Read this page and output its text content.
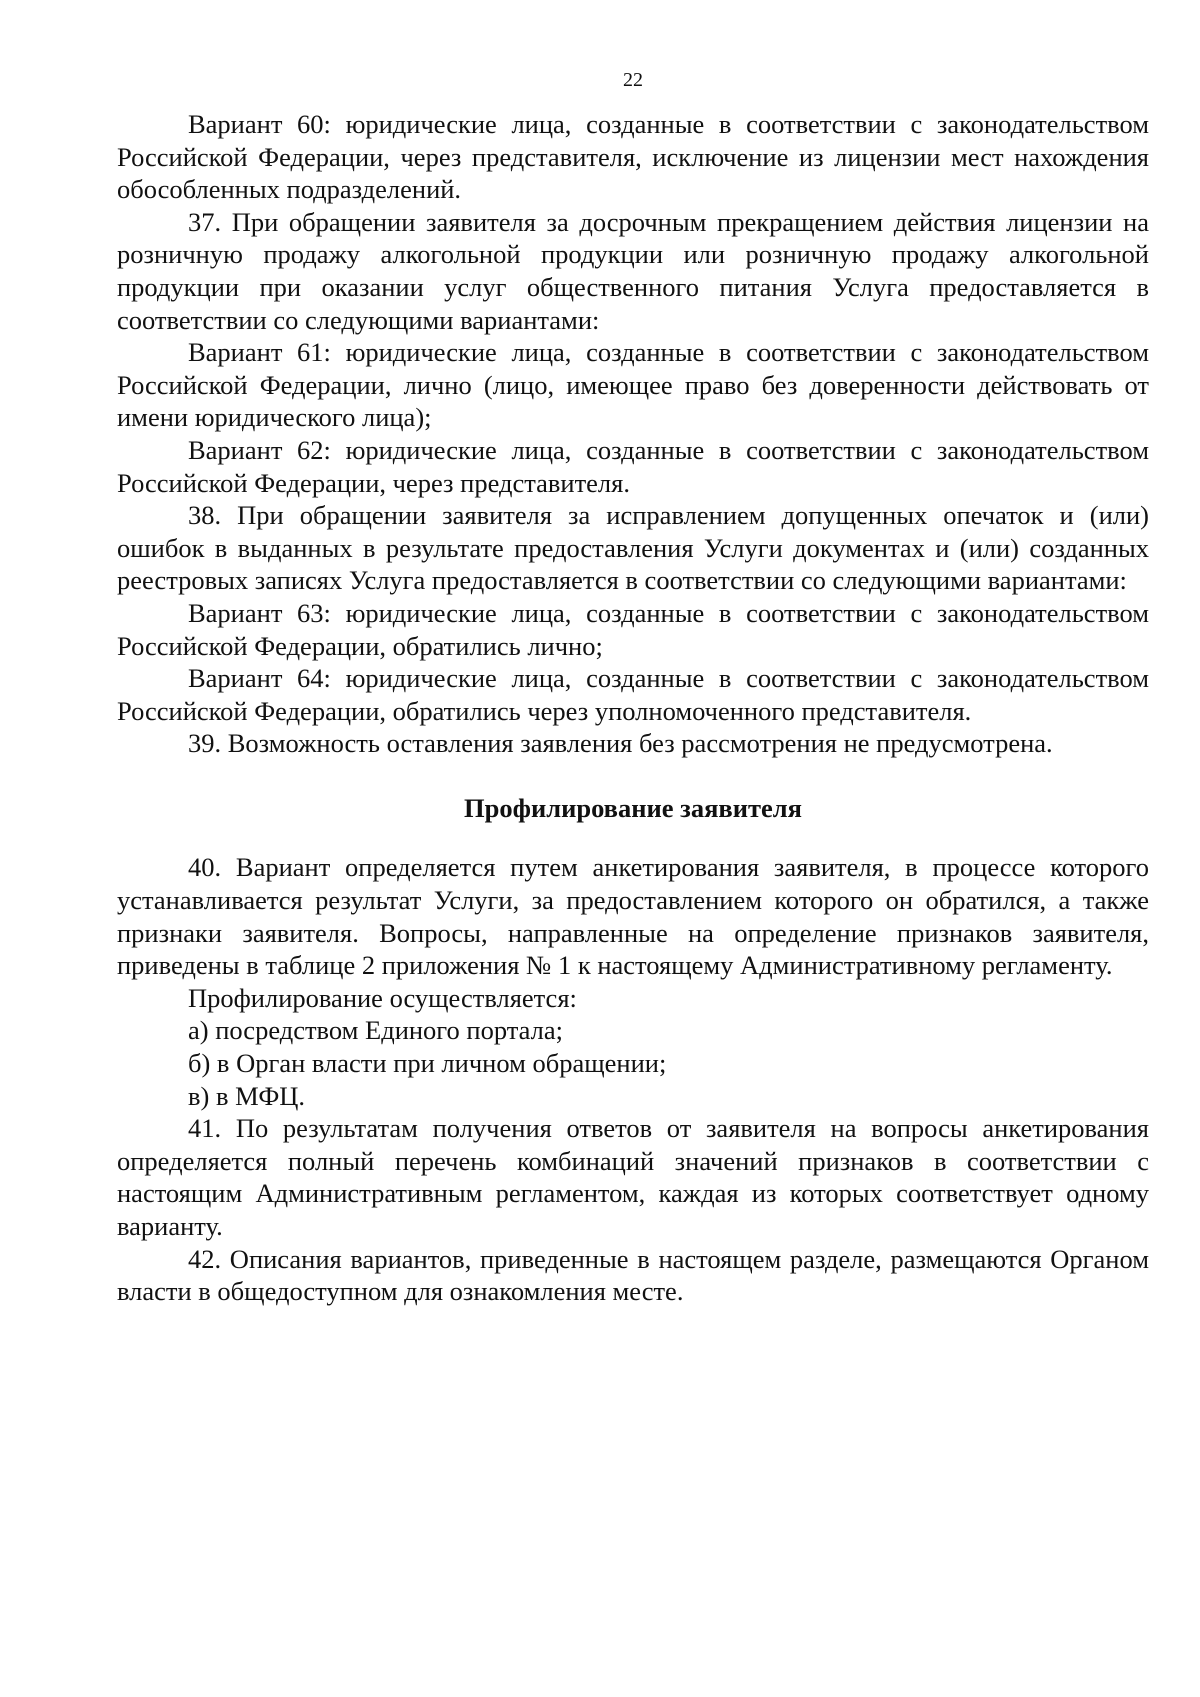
22

Вариант 60: юридические лица, созданные в соответствии с законодательством Российской Федерации, через представителя, исключение из лицензии мест нахождения обособленных подразделений.

37. При обращении заявителя за досрочным прекращением действия лицензии на розничную продажу алкогольной продукции или розничную продажу алкогольной продукции при оказании услуг общественного питания Услуга предоставляется в соответствии со следующими вариантами:

Вариант 61: юридические лица, созданные в соответствии с законодательством Российской Федерации, лично (лицо, имеющее право без доверенности действовать от имени юридического лица);

Вариант 62: юридические лица, созданные в соответствии с законодательством Российской Федерации, через представителя.

38. При обращении заявителя за исправлением допущенных опечаток и (или) ошибок в выданных в результате предоставления Услуги документах и (или) созданных реестровых записях Услуга предоставляется в соответствии со следующими вариантами:

Вариант 63: юридические лица, созданные в соответствии с законодательством Российской Федерации, обратились лично;

Вариант 64: юридические лица, созданные в соответствии с законодательством Российской Федерации, обратились через уполномоченного представителя.

39. Возможность оставления заявления без рассмотрения не предусмотрена.

Профилирование заявителя

40. Вариант определяется путем анкетирования заявителя, в процессе которого устанавливается результат Услуги, за предоставлением которого он обратился, а также признаки заявителя. Вопросы, направленные на определение признаков заявителя, приведены в таблице 2 приложения № 1 к настоящему Административному регламенту.

Профилирование осуществляется:

а) посредством Единого портала;

б) в Орган власти при личном обращении;

в) в МФЦ.

41. По результатам получения ответов от заявителя на вопросы анкетирования определяется полный перечень комбинаций значений признаков в соответствии с настоящим Административным регламентом, каждая из которых соответствует одному варианту.

42. Описания вариантов, приведенные в настоящем разделе, размещаются Органом власти в общедоступном для ознакомления месте.
